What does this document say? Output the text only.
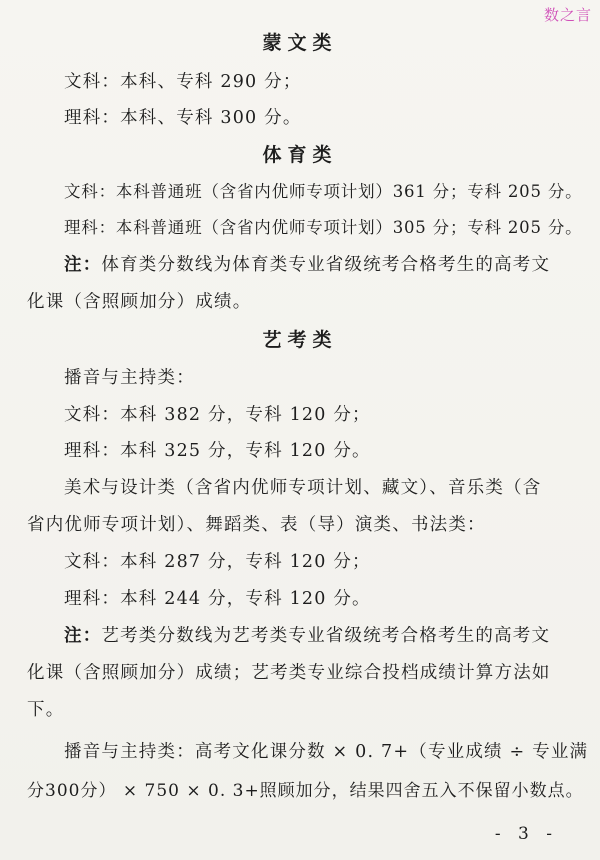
数之言
蒙文类
文科：本科、专科 290 分；
理科：本科、专科 300 分。
体育类
文科：本科普通班（含省内优师专项计划）361 分；专科 205 分。
理科：本科普通班（含省内优师专项计划）305 分；专科 205 分。
注：体育类分数线为体育类专业省级统考合格考生的高考文
化课（含照顾加分）成绩。
艺考类
播音与主持类：
文科：本科 382 分，专科 120 分；
理科：本科 325 分，专科 120 分。
美术与设计类（含省内优师专项计划、藏文）、音乐类（含
省内优师专项计划）、舞蹈类、表（导）演类、书法类：
文科：本科 287 分，专科 120 分；
理科：本科 244 分，专科 120 分。
注：艺考类分数线为艺考类专业省级统考合格考生的高考文
化课（含照顾加分）成绩；艺考类专业综合投档成绩计算方法如
下。
播音与主持类：高考文化课分数 × 0. 7+（专业成绩 ÷ 专业满
分300分） × 750 × 0. 3+照顾加分，结果四舍五入不保留小数点。
- 3 -
